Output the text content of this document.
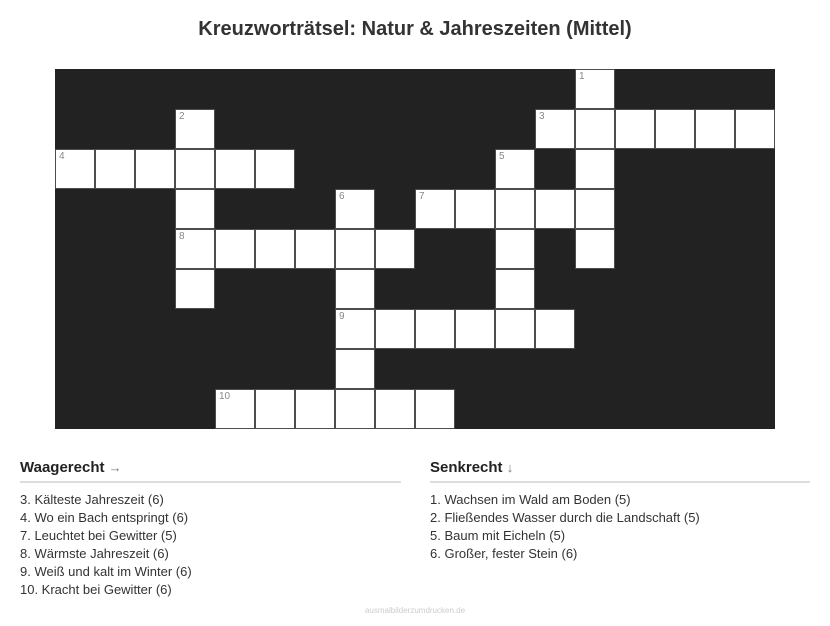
Kreuzworträtsel: Natur & Jahreszeiten (Mittel)
1
2	3
4	5
6	7
8
9
10
Waagerecht →
3. Kälteste Jahreszeit (6)
4. Wo ein Bach entspringt (6)
7. Leuchtet bei Gewitter (5)
8. Wärmste Jahreszeit (6)
9. Weiß und kalt im Winter (6)
10. Kracht bei Gewitter (6)
Senkrecht ↓
1. Wachsen im Wald am Boden (5)
2. Fließendes Wasser durch die Landschaft (5)
5. Baum mit Eicheln (5)
6. Großer, fester Stein (6)
ausmalbilderzumdrucken.de
